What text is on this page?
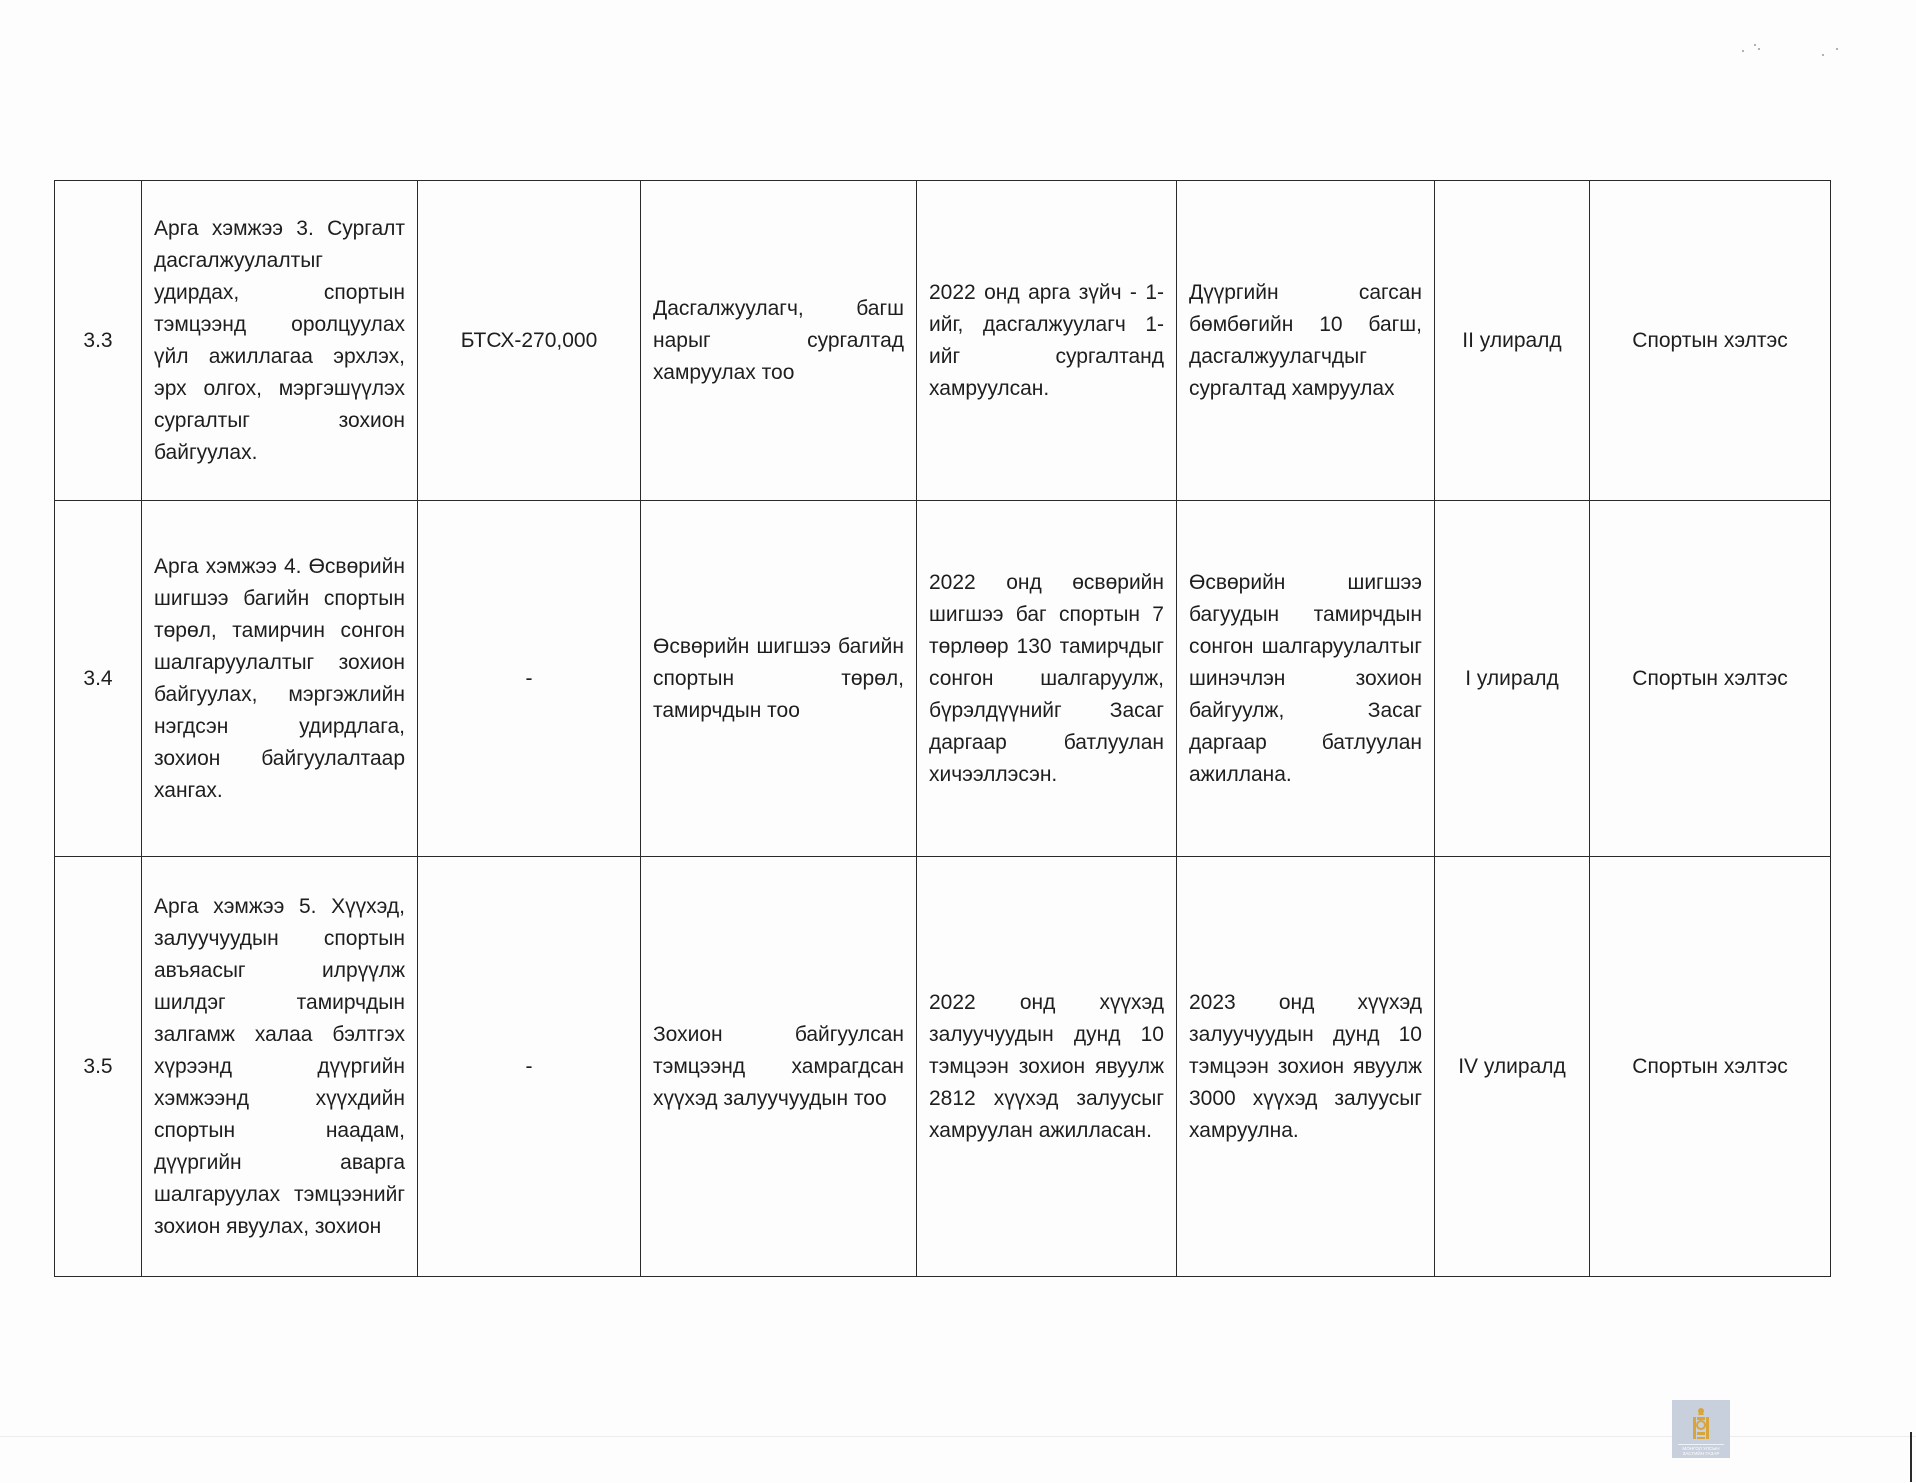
3.3	Арга хэмжээ 3. Сургалт дасгалжуулалтыг удирдах, спортын тэмцээнд оролцуулах үйл ажиллагаа эрхлэх, эрх олгох, мэргэшүүлэх сургалтыг зохион байгуулах.	БТСХ-270,000	Дасгалжуулагч, багш нарыг сургалтад хамруулах тоо	2022 онд арга зүйч - 1-ийг, дасгалжуулагч 1-ийг сургалтанд хамруулсан.	Дүүргийн сагсан бөмбөгийн 10 багш, дасгалжуулагчдыг сургалтад хамруулах	II улиралд	Спортын хэлтэс
3.4	Арга хэмжээ 4. Өсвөрийн шигшээ багийн спортын төрөл, тамирчин сонгон шалгаруулалтыг зохион байгуулах, мэргэжлийн нэгдсэн удирдлага, зохион байгуулалтаар хангах.	-	Өсвөрийн шигшээ багийн спортын төрөл, тамирчдын тоо	2022 онд өсвөрийн шигшээ баг спортын 7 төрлөөр 130 тамирчдыг сонгон шалгаруулж, бүрэлдүүнийг Засаг даргаар батлуулан хичээллэсэн.	Өсвөрийн шигшээ багуудын тамирчдын сонгон шалгаруулалтыг шинэчлэн зохион байгуулж, Засаг даргаар батлуулан ажиллана.	I улиралд	Спортын хэлтэс
3.5	Арга хэмжээ 5. Хүүхэд, залуучуудын спортын авъяасыг илрүүлж шилдэг тамирчдын залгамж халаа бэлтгэх хүрээнд дүүргийн хэмжээнд хүүхдийн спортын наадам, дүүргийн аварга шалгаруулах тэмцээнийг зохион явуулах, зохион	-	Зохион байгуулсан тэмцээнд хамрагдсан хүүхэд залуучуудын тоо	2022 онд хүүхэд залуучуудын дунд 10 тэмцээн зохион явуулж 2812 хүүхэд залуусыг хамруулан ажилласан.	2023 онд хүүхэд залуучуудын дунд 10 тэмцээн зохион явуулж 3000 хүүхэд залуусыг хамруулна.	IV улиралд	Спортын хэлтэс
МОНГОЛ УЛСЫН
ЗАСГИЙН ГАЗАР
